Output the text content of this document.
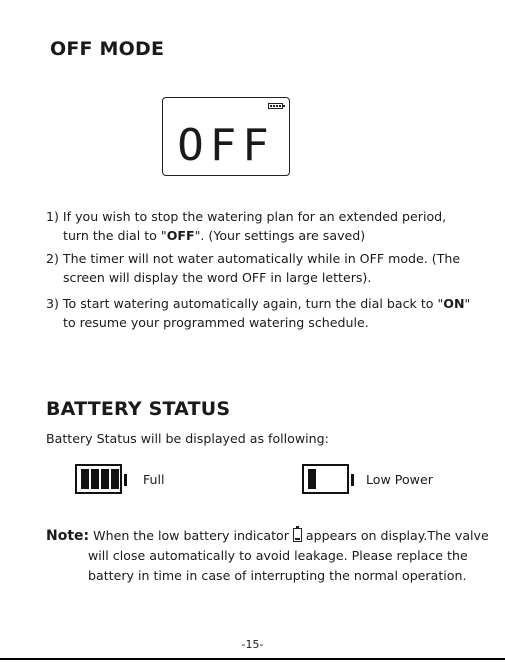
OFF MODE
OFF
1) If you wish to stop the watering plan for an extended period,
turn the dial to "OFF". (Your settings are saved)
2) The timer will not water automatically while in OFF mode. (The
screen will display the word OFF in large letters).
3) To start watering automatically again, turn the dial back to "ON"
to resume your programmed watering schedule.
BATTERY STATUS
Battery Status will be displayed as following:
Full	Low Power
Note: When the low battery indicator appears on display.The valve
will close automatically to avoid leakage. Please replace the
battery in time in case of interrupting the normal operation.
-15-
